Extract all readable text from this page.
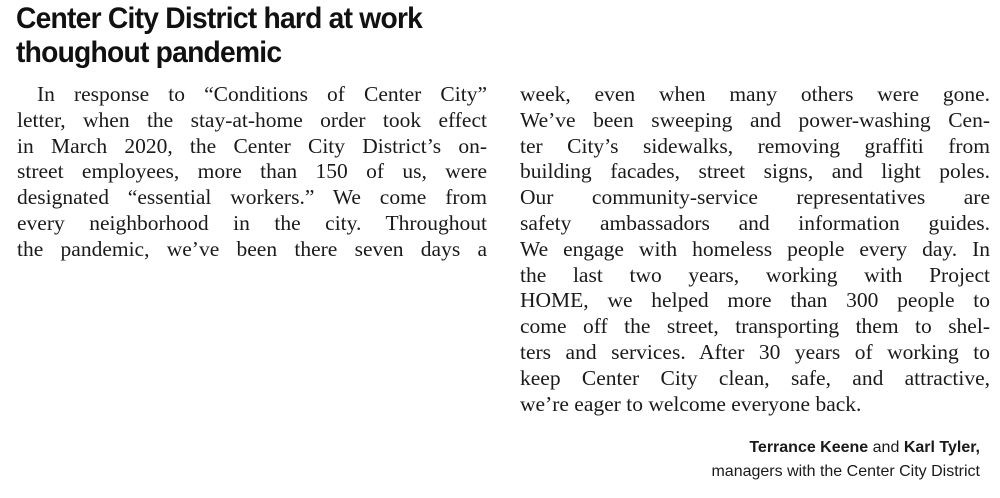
Center City District hard at work
thoughout pandemic
In response to “Conditions of Center City”
letter, when the stay-at-home order took effect
in March 2020, the Center City District’s on-
street employees, more than 150 of us, were
designated “essential workers.” We come from
every neighborhood in the city. Throughout
the pandemic, we’ve been there seven days a
week, even when many others were gone.
We’ve been sweeping and power-washing Cen-
ter City’s sidewalks, removing graffiti from
building facades, street signs, and light poles.
Our community-service representatives are
safety ambassadors and information guides.
We engage with homeless people every day. In
the last two years, working with Project
HOME, we helped more than 300 people to
come off the street, transporting them to shel-
ters and services. After 30 years of working to
keep Center City clean, safe, and attractive,
we’re eager to welcome everyone back.
Terrance Keene and Karl Tyler,
managers with the Center City District
